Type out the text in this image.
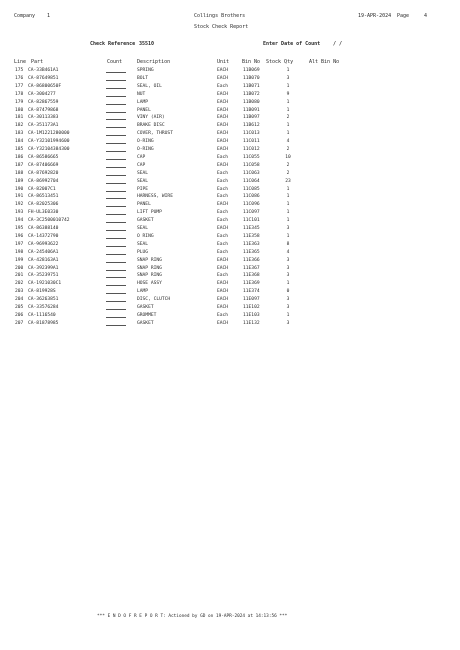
Company 1	Collings Brothers	19-APR-2024 Page	4
Stock Check Report
Check Reference 35510	Enter Date of Count	/ /
Line Part	Count	Description	Unit	Bin No Stock Qty	Alt Bin No
175 CA-33B461A1	SPRING	EACH	11B069	1
176 CA-87649851	BOLT	EACH	11B070	3
177 CA-86800650F	SEAL, OIL	Each	11B071	1
178 CA-3004277	NUT	EACH	11B072	9
179 CA-82867559	LAMP	EACH	11B080	1
180 CA-87479868	PANEL	EACH	11B091	1
181 CA-30113383	VINY (AIR)	EACH	11B097	2
182 CA-351173A1	BRAKE DISC	EACH	11B612	1
183 CA-1M1221280000	COVER, THRUST	EACH	11C013	1
184 CA-Y32101994600	O-RING	EACH	11C011	4
185 CA-Y32104384300	O-RING	EACH	11C012	2
186 CA-86586665	CAP	Each	11C055	10
187 CA-87406669	CAP	EACH	11C058	2
188 CA-87692820	SEAL	Each	11C063	2
189 CA-86992704	SEAL	Each	11C064	23
190 CA-82007C1	PIPE	Each	11C085	1
191 CA-86513451	HARNESS, WIRE	Each	11C086	1
192 CA-82025306	PANEL	EACH	11C096	1
193 FH-UL3E0330	LIFT PUMP	Each	11C097	1
194 CA-3C2500010742	GASKET	Each	11C101	1
195 CA-86388140	SEAL	EACH	11E345	3
196 CA-14372790	O RING	Each	11E358	1
197 CA-96993622	SEAL	Each	11E363	8
198 CA-245406A1	PLUG	Each	11E365	4
199 CA-428163A1	SNAP RING	EACH	11E366	3
200 CA-392399A1	SNAP RING	EACH	11E367	3
201 CA-35239751	SNAP RING	Each	11E368	3
202 CA-1921030C1	HOSE ASSY	EACH	11E369	1
203 CA-819928S	LAMP	EACH	11E374	0
204 CA-36263851	DISC, CLUTCH	EACH	11E097	3
205 CA-33576284	GASKET	EACH	11E102	3
206 CA-1116540	GROMMET	Each	11E103	1
207 CA-81878985	GASKET	EACH	11E132	3
*** E N D O F R E P O R T: Actioned by GD on 19-APR-2024 at 14:13:56 ***
